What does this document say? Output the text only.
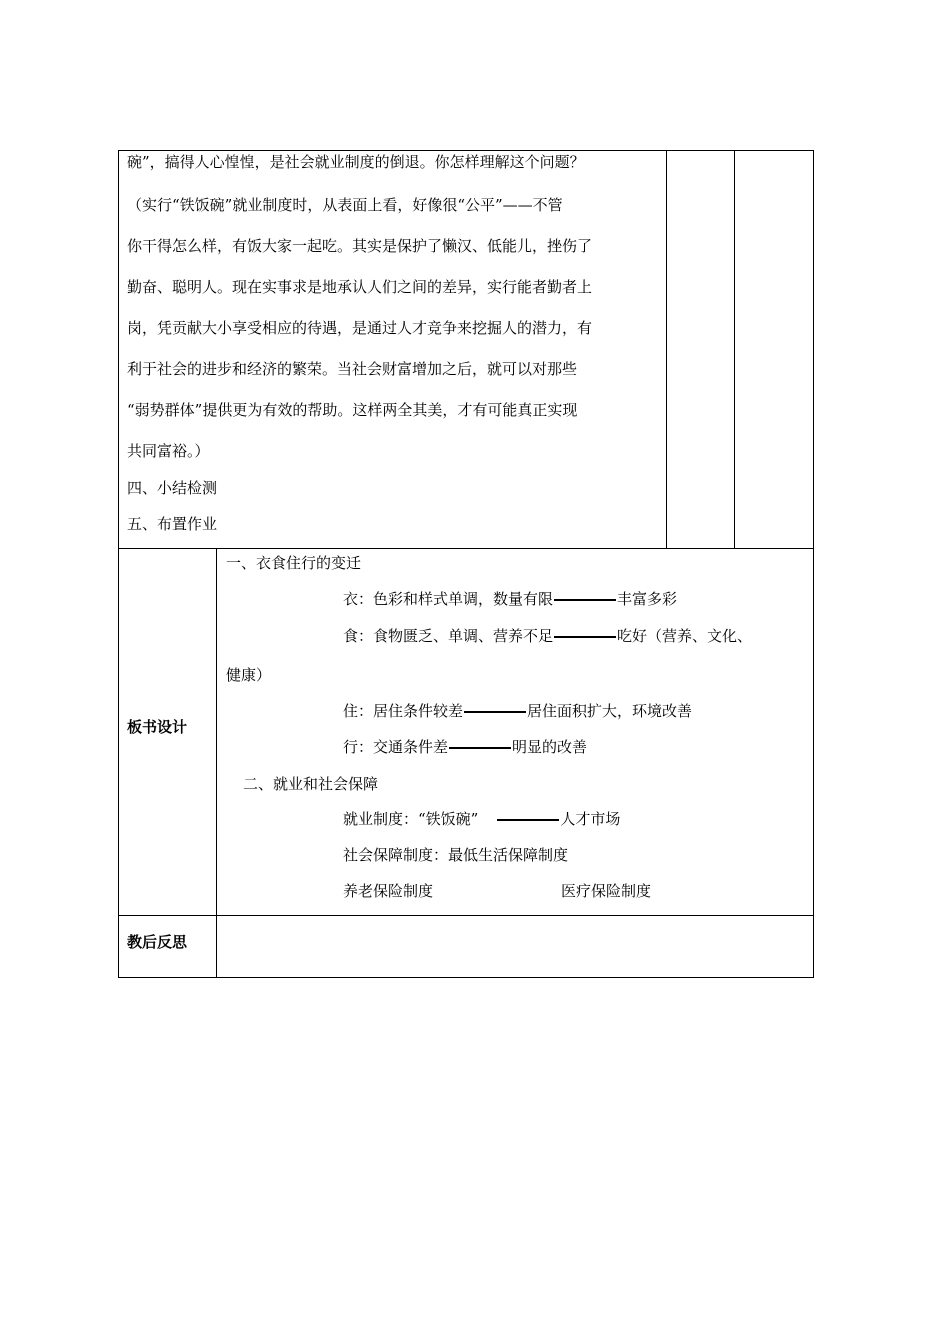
碗”，搞得人心惶惶，是社会就业制度的倒退。你怎样理解这个问题？
（实行“铁饭碗”就业制度时，从表面上看，好像很“公平”——不管
你干得怎么样，有饭大家一起吃。其实是保护了懒汉、低能儿，挫伤了
勤奋、聪明人。现在实事求是地承认人们之间的差异，实行能者勤者上
岗，凭贡献大小享受相应的待遇，是通过人才竞争来挖掘人的潜力，有
利于社会的进步和经济的繁荣。当社会财富增加之后，就可以对那些
“弱势群体”提供更为有效的帮助。这样两全其美，才有可能真正实现
共同富裕。）
四、小结检测
五、布置作业
板书设计
一、衣食住行的变迁
衣：色彩和样式单调，数量有限	丰富多彩
食：食物匮乏、单调、营养不足	吃好（营养、文化、
健康）
住：居住条件较差	居住面积扩大，环境改善
行：交通条件差	明显的改善
二、就业和社会保障
就业制度：“铁饭碗”	人才市场
社会保障制度：最低生活保障制度
养老保险制度	医疗保险制度
教后反思
